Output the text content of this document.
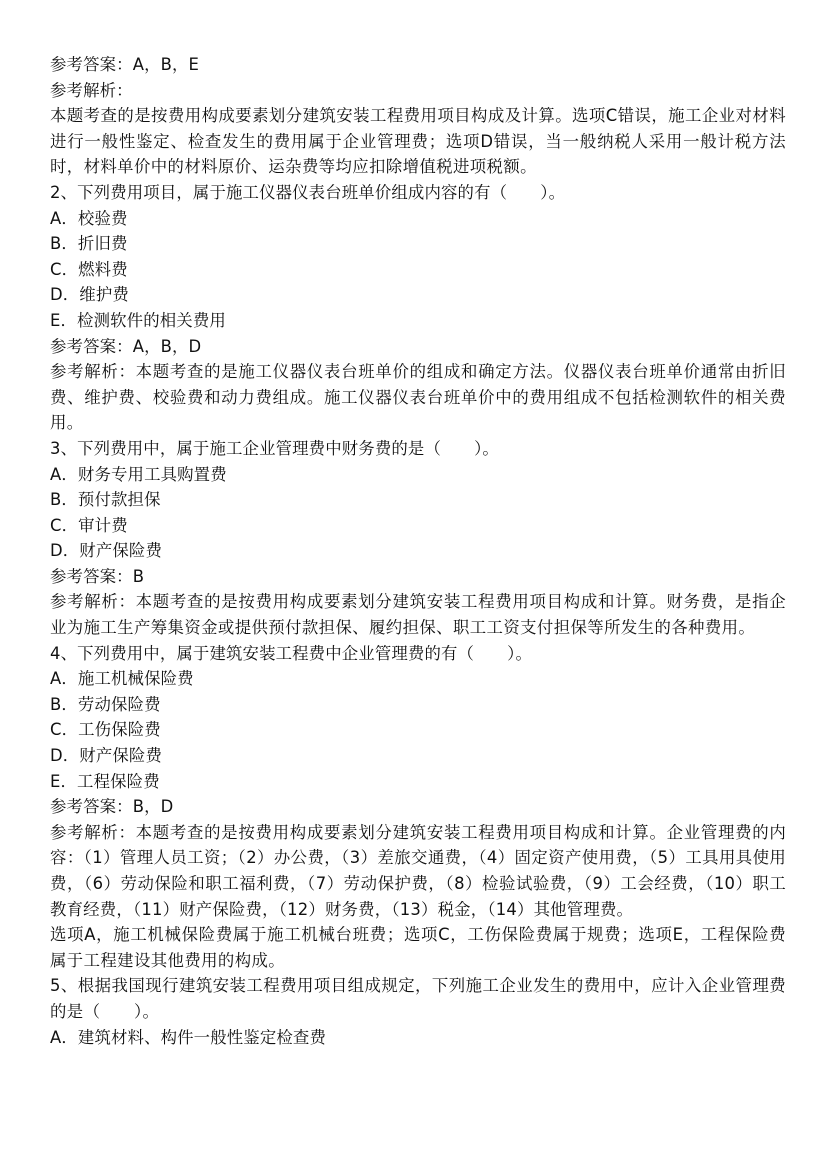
参考答案：A，B，E
参考解析：
本题考查的是按费用构成要素划分建筑安装工程费用项目构成及计算。选项C错误，施工企业对材料进行一般性鉴定、检查发生的费用属于企业管理费；选项D错误，当一般纳税人采用一般计税方法时，材料单价中的材料原价、运杂费等均应扣除增值税进项税额。
2、下列费用项目，属于施工仪器仪表台班单价组成内容的有（　　）。
A．校验费
B．折旧费
C．燃料费
D．维护费
E．检测软件的相关费用
参考答案：A，B，D
参考解析：本题考查的是施工仪器仪表台班单价的组成和确定方法。仪器仪表台班单价通常由折旧费、维护费、校验费和动力费组成。施工仪器仪表台班单价中的费用组成不包括检测软件的相关费用。
3、下列费用中，属于施工企业管理费中财务费的是（　　）。
A．财务专用工具购置费
B．预付款担保
C．审计费
D．财产保险费
参考答案：B
参考解析：本题考查的是按费用构成要素划分建筑安装工程费用项目构成和计算。财务费，是指企业为施工生产筹集资金或提供预付款担保、履约担保、职工工资支付担保等所发生的各种费用。
4、下列费用中，属于建筑安装工程费中企业管理费的有（　　）。
A．施工机械保险费
B．劳动保险费
C．工伤保险费
D．财产保险费
E．工程保险费
参考答案：B，D
参考解析：本题考查的是按费用构成要素划分建筑安装工程费用项目构成和计算。企业管理费的内容：（1）管理人员工资；（2）办公费，（3）差旅交通费，（4）固定资产使用费，（5）工具用具使用费，（6）劳动保险和职工福利费，（7）劳动保护费，（8）检验试验费，（9）工会经费，（10）职工教育经费，（11）财产保险费，（12）财务费，（13）税金，（14）其他管理费。
选项A，施工机械保险费属于施工机械台班费；选项C，工伤保险费属于规费；选项E，工程保险费属于工程建设其他费用的构成。
5、根据我国现行建筑安装工程费用项目组成规定，下列施工企业发生的费用中，应计入企业管理费的是（　　）。
A．建筑材料、构件一般性鉴定检查费
